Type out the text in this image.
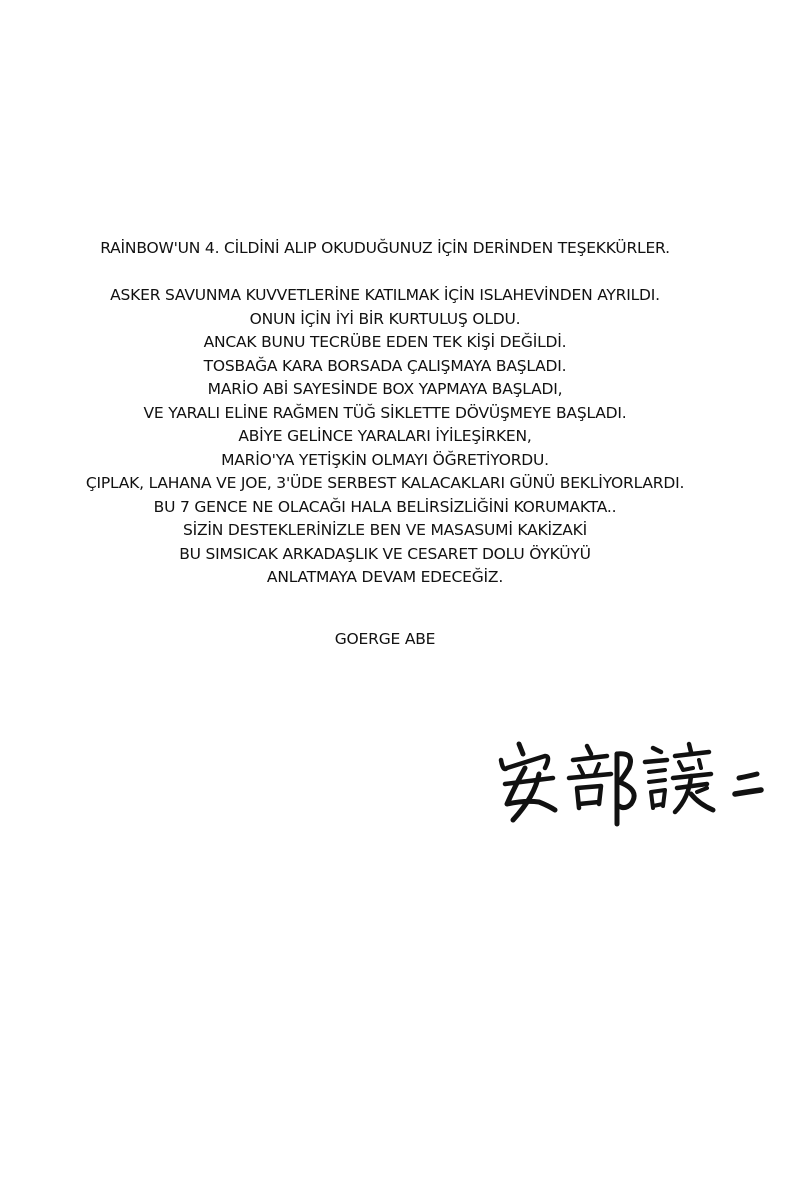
RAİNBOW'UN 4. CİLDİNİ ALIP OKUDUĞUNUZ İÇİN DERİNDEN TEŞEKKÜRLER.
ASKER SAVUNMA KUVVETLERİNE KATILMAK İÇİN ISLAHEVİNDEN AYRILDI.
ONUN İÇİN İYİ BİR KURTULUŞ OLDU.
ANCAK BUNU TECRÜBE EDEN TEK KİŞİ DEĞİLDİ.
TOSBAĞA KARA BORSADA ÇALIŞMAYA BAŞLADI.
MARİO ABİ SAYESİNDE BOX YAPMAYA BAŞLADI,
VE YARALI ELİNE RAĞMEN TÜĞ SİKLETTE DÖVÜŞMEYE BAŞLADI.
ABİYE GELİNCE YARALARI İYİLEŞİRKEN,
MARİO'YA YETİŞKİN OLMAYI ÖĞRETİYORDU.
ÇIPLAK, LAHANA VE JOE, 3'ÜDE SERBEST KALACAKLARI GÜNÜ BEKLİYORLARDI.
BU 7 GENCE NE OLACAĞI HALA BELİRSİZLİĞİNİ KORUMAKTA..
SİZİN DESTEKLERİNİZLE BEN VE MASASUMİ KAKİZAKİ
BU SIMSICAK ARKADAŞLIK VE CESARET DOLU ÖYKÜYÜ
ANLATMAYA DEVAM EDECEĞİZ.
GOERGE ABE
